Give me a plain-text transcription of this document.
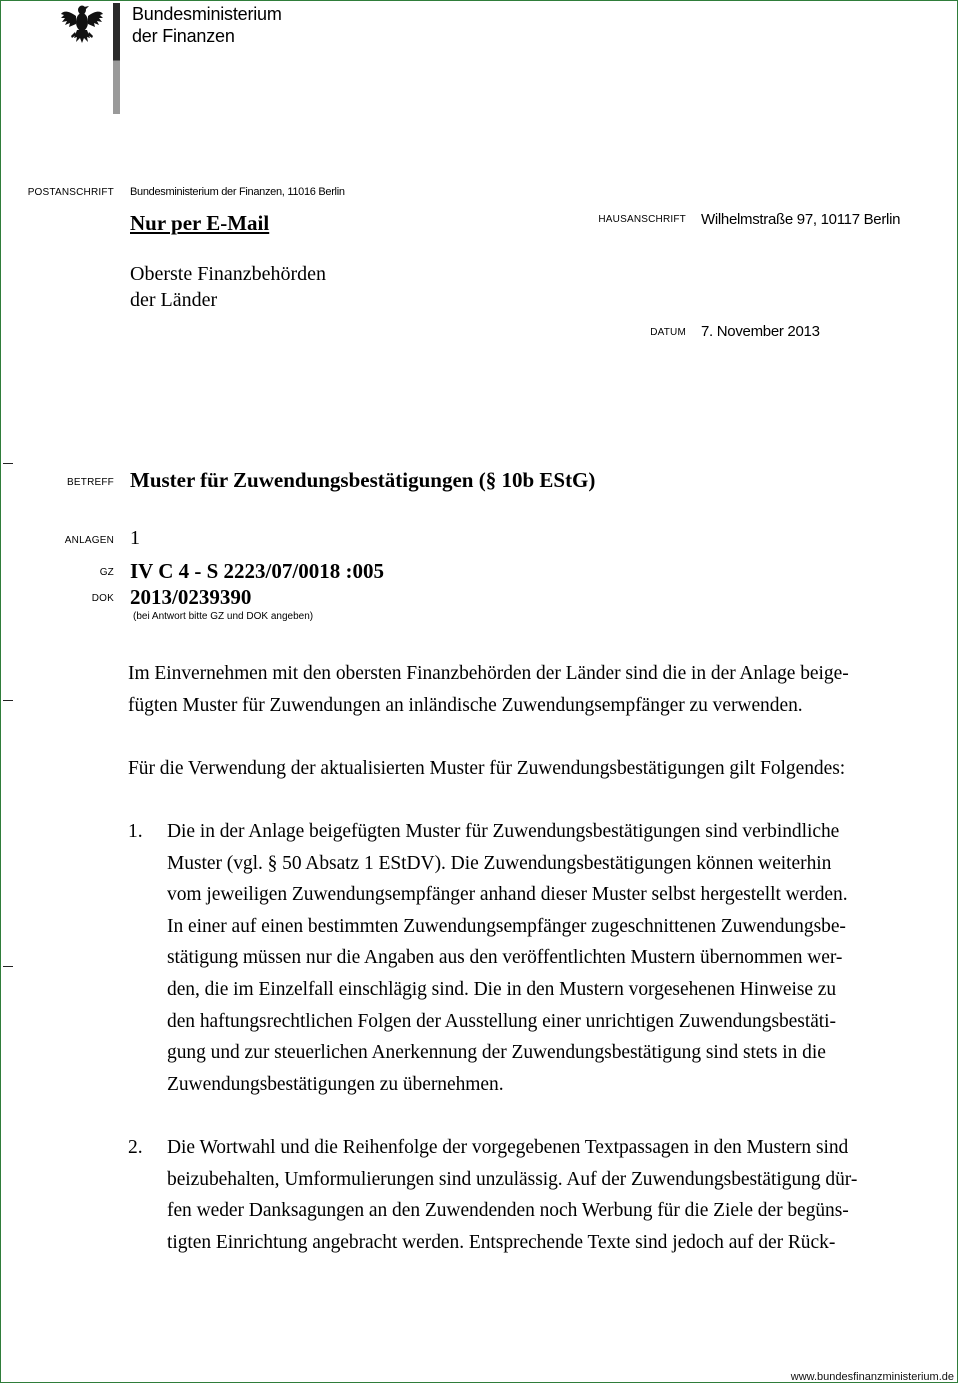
Bundesministerium
der Finanzen
POSTANSCHRIFT Bundesministerium der Finanzen, 11016 Berlin
Nur per E-Mail	HAUSANSCHRIFT Wilhelmstraße 97, 10117 Berlin
Oberste Finanzbehörden
der Länder
DATUM 7. November 2013
BETREFF Muster für Zuwendungsbestätigungen (§ 10b EStG)
ANLAGEN 1
GZ IV C 4 - S 2223/07/0018 :005
DOK 2013/0239390
(bei Antwort bitte GZ und DOK angeben)
Im Einvernehmen mit den obersten Finanzbehörden der Länder sind die in der Anlage beige-
fügten Muster für Zuwendungen an inländische Zuwendungsempfänger zu verwenden.
Für die Verwendung der aktualisierten Muster für Zuwendungsbestätigungen gilt Folgendes:
1.	Die in der Anlage beigefügten Muster für Zuwendungsbestätigungen sind verbindliche
Muster (vgl. § 50 Absatz 1 EStDV). Die Zuwendungsbestätigungen können weiterhin
vom jeweiligen Zuwendungsempfänger anhand dieser Muster selbst hergestellt werden.
In einer auf einen bestimmten Zuwendungsempfänger zugeschnittenen Zuwendungsbe-
stätigung müssen nur die Angaben aus den veröffentlichten Mustern übernommen wer-
den, die im Einzelfall einschlägig sind. Die in den Mustern vorgesehenen Hinweise zu
den haftungsrechtlichen Folgen der Ausstellung einer unrichtigen Zuwendungsbestäti-
gung und zur steuerlichen Anerkennung der Zuwendungsbestätigung sind stets in die
Zuwendungsbestätigungen zu übernehmen.
2.	Die Wortwahl und die Reihenfolge der vorgegebenen Textpassagen in den Mustern sind
beizubehalten, Umformulierungen sind unzulässig. Auf der Zuwendungsbestätigung dür-
fen weder Danksagungen an den Zuwendenden noch Werbung für die Ziele der begüns-
tigten Einrichtung angebracht werden. Entsprechende Texte sind jedoch auf der Rück-
www.bundesfinanzministerium.de
